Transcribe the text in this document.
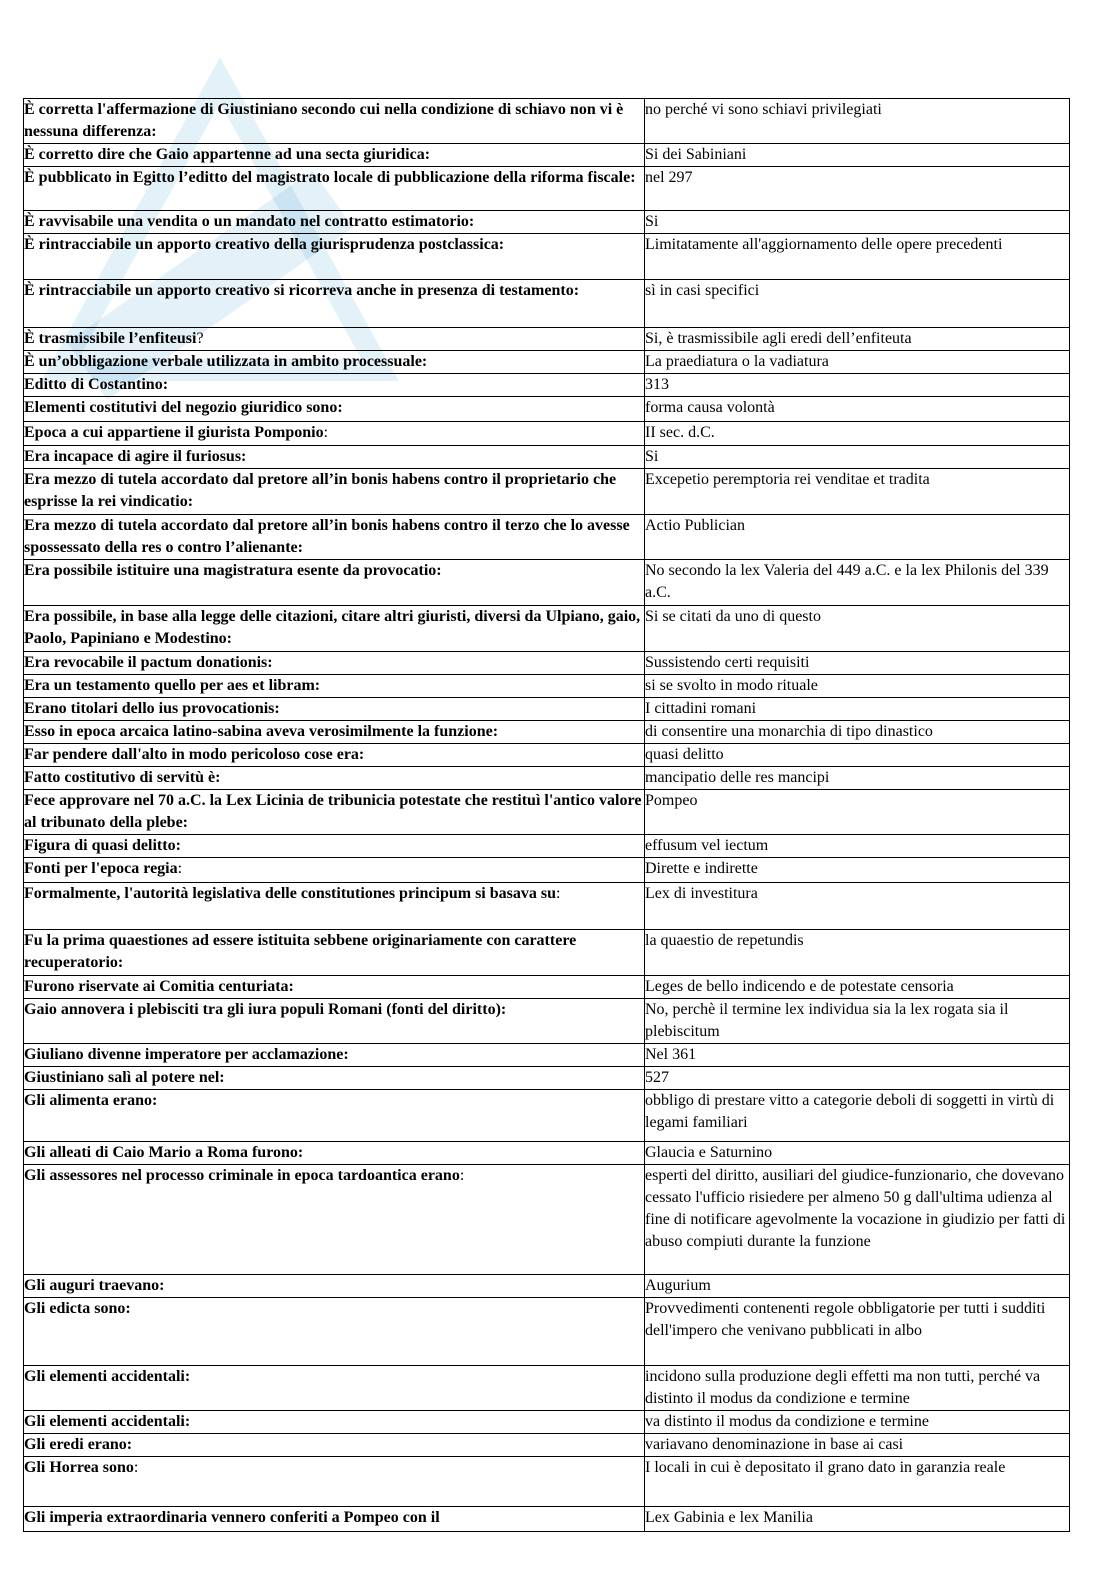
È corretta l'affermazione di Giustiniano secondo cui nella condizione di schiavo non vi è nessuna differenza:	no perché vi sono schiavi privilegiati
È corretto dire che Gaio appartenne ad una secta giuridica:	Si dei Sabiniani
È pubblicato in Egitto l’editto del magistrato locale di pubblicazione della riforma fiscale:	nel 297
È ravvisabile una vendita o un mandato nel contratto estimatorio:	Si
È rintracciabile un apporto creativo della giurisprudenza postclassica:	Limitatamente all'aggiornamento delle opere precedenti
È rintracciabile un apporto creativo si ricorreva anche in presenza di testamento:	sì in casi specifici
È trasmissibile l’enfiteusi?	Si, è trasmissibile agli eredi dell’enfiteuta
È un’obbligazione verbale utilizzata in ambito processuale:	La praediatura o la vadiatura
Editto di Costantino:	313
Elementi costitutivi del negozio giuridico sono:	forma causa volontà
Epoca a cui appartiene il giurista Pomponio:	II sec. d.C.
Era incapace di agire il furiosus:	Si
Era mezzo di tutela accordato dal pretore all’in bonis habens contro il proprietario che esprisse la rei vindicatio:	Excepetio peremptoria rei venditae et tradita
Era mezzo di tutela accordato dal pretore all’in bonis habens contro il terzo che lo avesse spossessato della res o contro l’alienante:	Actio Publician
Era possibile istituire una magistratura esente da provocatio:	No secondo la lex Valeria del 449 a.C. e la lex Philonis del 339 a.C.
Era possibile, in base alla legge delle citazioni, citare altri giuristi, diversi da Ulpiano, gaio, Paolo, Papiniano e Modestino:	Si se citati da uno di questo
Era revocabile il pactum donationis:	Sussistendo certi requisiti
Era un testamento quello per aes et libram:	si se svolto in modo rituale
Erano titolari dello ius provocationis:	I cittadini romani
Esso in epoca arcaica latino-sabina aveva verosimilmente la funzione:	di consentire una monarchia di tipo dinastico
Far pendere dall'alto in modo pericoloso cose era:	quasi delitto
Fatto costitutivo di servitù è:	mancipatio delle res mancipi
Fece approvare nel 70 a.C. la Lex Licinia de tribunicia potestate che restituì l'antico valore al tribunato della plebe:	Pompeo
Figura di quasi delitto:	effusum vel iectum
Fonti per l'epoca regia:	Dirette e indirette
Formalmente, l'autorità legislativa delle constitutiones principum si basava su:	Lex di investitura
Fu la prima quaestiones ad essere istituita sebbene originariamente con carattere recuperatorio:	la quaestio de repetundis
Furono riservate ai Comitia centuriata:	Leges de bello indicendo e de potestate censoria
Gaio annovera i plebisciti tra gli iura populi Romani (fonti del diritto):	No, perchè il termine lex individua sia la lex rogata sia il plebiscitum
Giuliano divenne imperatore per acclamazione:	Nel 361
Giustiniano salì al potere nel:	527
Gli alimenta erano:	obbligo di prestare vitto a categorie deboli di soggetti in virtù di legami familiari
Gli alleati di Caio Mario a Roma furono:	Glaucia e Saturnino
Gli assessores nel processo criminale in epoca tardoantica erano:	esperti del diritto, ausiliari del giudice-funzionario, che dovevano cessato l'ufficio risiedere per almeno 50 g dall'ultima udienza al fine di notificare agevolmente la vocazione in giudizio per fatti di abuso compiuti durante la funzione
Gli auguri traevano:	Augurium
Gli edicta sono:	Provvedimenti contenenti regole obbligatorie per tutti i sudditi dell'impero che venivano pubblicati in albo
Gli elementi accidentali:	incidono sulla produzione degli effetti ma non tutti, perché va distinto il modus da condizione e termine
Gli elementi accidentali:	va distinto il modus da condizione e termine
Gli eredi erano:	variavano denominazione in base ai casi
Gli Horrea sono:	I locali in cui è depositato il grano dato in garanzia reale
Gli imperia extraordinaria vennero conferiti a Pompeo con il	Lex Gabinia e lex Manilia
